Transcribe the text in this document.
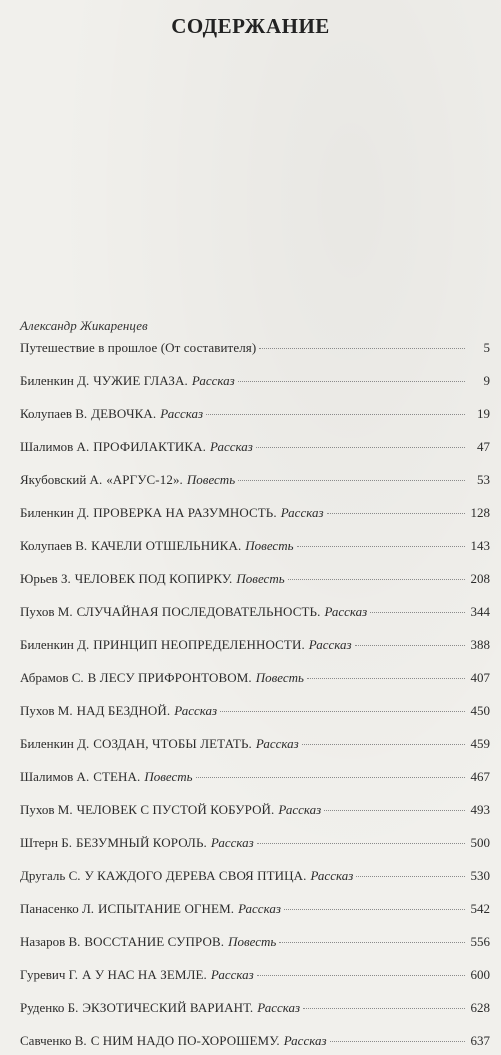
СОДЕРЖАНИЕ
Александр Жикаренцев
Путешествие в прошлое (От составителя)	5
Биленкин Д. ЧУЖИЕ ГЛАЗА. Рассказ	9
Колупаев В. ДЕВОЧКА. Рассказ	19
Шалимов А. ПРОФИЛАКТИКА. Рассказ	47
Якубовский А. «АРГУС-12». Повесть	53
Биленкин Д. ПРОВЕРКА НА РАЗУМНОСТЬ. Рассказ	128
Колупаев В. КАЧЕЛИ ОТШЕЛЬНИКА. Повесть	143
Юрьев З. ЧЕЛОВЕК ПОД КОПИРКУ. Повесть	208
Пухов М. СЛУЧАЙНАЯ ПОСЛЕДОВАТЕЛЬНОСТЬ. Рассказ	344
Биленкин Д. ПРИНЦИП НЕОПРЕДЕЛЕННОСТИ. Рассказ	388
Абрамов С. В ЛЕСУ ПРИФРОНТОВОМ. Повесть	407
Пухов М. НАД БЕЗДНОЙ. Рассказ	450
Биленкин Д. СОЗДАН, ЧТОБЫ ЛЕТАТЬ. Рассказ	459
Шалимов А. СТЕНА. Повесть	467
Пухов М. ЧЕЛОВЕК С ПУСТОЙ КОБУРОЙ. Рассказ	493
Штерн Б. БЕЗУМНЫЙ КОРОЛЬ. Рассказ	500
Другаль С. У КАЖДОГО ДЕРЕВА СВОЯ ПТИЦА. Рассказ	530
Панасенко Л. ИСПЫТАНИЕ ОГНЕМ. Рассказ	542
Назаров В. ВОССТАНИЕ СУПРОВ. Повесть	556
Гуревич Г. А У НАС НА ЗЕМЛЕ. Рассказ	600
Руденко Б. ЭКЗОТИЧЕСКИЙ ВАРИАНТ. Рассказ	628
Савченко В. С НИМ НАДО ПО-ХОРОШЕМУ. Рассказ	637
